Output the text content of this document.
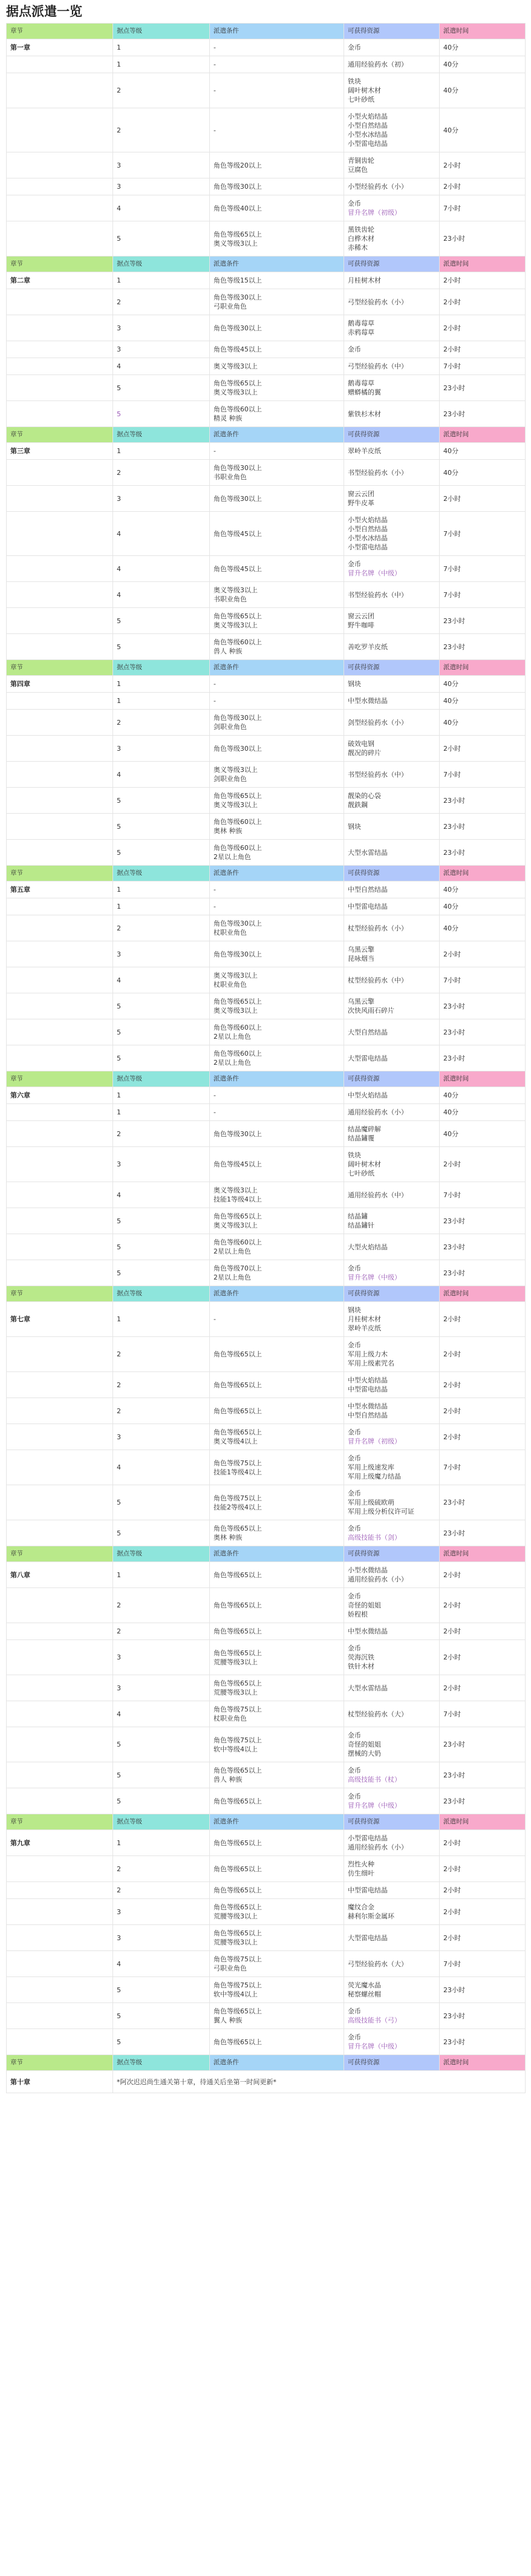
据点派遣一览
章节	据点等级	派遣条件	可获得资源	派遣时间
第一章	1	-	金币	40分
	1	-	通用经验药水（初）	40分
	2	-	铁块
阔叶树木材
七叶砂纸	40分
	2	-	小型火焰结晶
小型自然结晶
小型水冰结晶
小型雷电结晶	40分
	3	角色等级20以上	青铜齿轮
豆腐色	2小时
	3	角色等级30以上	小型经验药水（小）	2小时
	4	角色等级40以上	金币
冒升名牌（初级）	7小时
	5	角色等级65以上
奥义等级3以上	黑铁齿轮
白桦木材
赤稀木	23小时
章节	据点等级	派遣条件	可获得资源	派遣时间
第二章	1	角色等级15以上	月桂树木材	2小时
	2	角色等级30以上
弓职业角色	弓型经验药水（小）	2小时
	3	角色等级30以上	鹅毒莓草
赤鸦莓草	2小时
	3	角色等级45以上	金币	2小时
	4	奥义等级3以上	弓型经验药水（中）	7小时
	5	角色等级65以上
奥义等级3以上	鹅毒莓草
赠蟒橘的翼	23小时
	5	角色等级60以上
精灵 种族	紫铁杉木材	23小时
章节	据点等级	派遣条件	可获得资源	派遣时间
第三章	1	-	翠岭羊皮纸	40分
	2	角色等级30以上
书职业角色	书型经验药水（小）	40分
	3	角色等级30以上	窗云云团
野牛皮革	2小时
	4	角色等级45以上	小型火焰结晶
小型自然结晶
小型水冰结晶
小型雷电结晶	7小时
	4	角色等级45以上	金币
冒升名牌（中级）	7小时
	4	奥义等级3以上
书职业角色	书型经验药水（中）	7小时
	5	角色等级65以上
奥义等级3以上	窗云云团
野牛咖啡	23小时
	5	角色等级60以上
兽人 种族	善吃罗羊皮纸	23小时
章节	据点等级	派遣条件	可获得资源	派遣时间
第四章	1	-	钢块	40分
	1	-	中型水微结晶	40分
	2	角色等级30以上
剑职业角色	剑型经验药水（小）	40分
	3	角色等级30以上	破效电钢
靓况的碎片	2小时
	4	奥义等级3以上
剑职业角色	书型经验药水（中）	7小时
	5	角色等级65以上
奥义等级3以上	靓染的心袋
靓鉄鋼	23小时
	5	角色等级60以上
奥林 种族	钢块	23小时
	5	角色等级60以上
2星以上角色	大型水雷结晶	23小时
章节	据点等级	派遣条件	可获得资源	派遣时间
第五章	1	-	中型自然结晶	40分
	1	-	中型雷电结晶	40分
	2	角色等级30以上
杖职业角色	杖型经验药水（小）	40分
	3	角色等级30以上	乌黑云擎
昆咏烟当	2小时
	4	奥义等级3以上
杖职业角色	杖型经验药水（中）	7小时
	5	角色等级65以上
奥义等级3以上	乌黑云擎
次快风雨石碎片	23小时
	5	角色等级60以上
2星以上角色	大型自然结晶	23小时
	5	角色等级60以上
2星以上角色	大型雷电结晶	23小时
章节	据点等级	派遣条件	可获得资源	派遣时间
第六章	1	-	中型火焰结晶	40分
	1	-	通用经验药水（小）	40分
	2	角色等级30以上	结晶魔碎解
结晶鏽覆	40分
	3	角色等级45以上	铁块
阔叶树木材
七叶砂纸	2小时
	4	奥义等级3以上
技能1等级4以上	通用经验药水（中）	7小时
	5	角色等级65以上
奥义等级3以上	结晶鏽
结晶鏽针	23小时
	5	角色等级60以上
2星以上角色	大型火焰结晶	23小时
	5	角色等级70以上
2星以上角色	金币
冒升名牌（中级）	23小时
章节	据点等级	派遣条件	可获得资源	派遣时间
第七章	1	-	钢块
月桂树木材
翠岭羊皮纸	2小时
	2	角色等级65以上	金币
军用上级力木
军用上级素咒名	2小时
	2	角色等级65以上	中型火焰结晶
中型雷电结晶	2小时
	2	角色等级65以上	中型水微结晶
中型自然结晶	2小时
	3	角色等级65以上
奥义等级4以上	金币
冒升名牌（初级）	2小时
	4	角色等级75以上
技能1等级4以上	金币
军用上级速发库
军用上级魔力结晶	7小时
	5	角色等级75以上
技能2等级4以上	金币
军用上级硫欧萌
军用上级分析仪许可证	23小时
	5	角色等级65以上
奥林 种族	金币
高级技能书（剑）	23小时
章节	据点等级	派遣条件	可获得资源	派遣时间
第八章	1	角色等级65以上	小型水微结晶
通用经验药水（小）	2小时
	2	角色等级65以上	金币
奇怪的姐姐
娇程根	2小时
	2	角色等级65以上	中型水微结晶	2小时
	3	角色等级65以上
荒腰等级3以上	金币
荧海沉铁
铁针木材	2小时
	3	角色等级65以上
荒腰等级3以上	大型水雷结晶	2小时
	4	角色等级75以上
杖职业角色	杖型经验药水（大）	7小时
	5	角色等级75以上
软中等级4以上	金币
奇怪的姐姐
摆械的大奶	23小时
	5	角色等级65以上
兽人 种族	金币
高级技能书（杖）	23小时
	5	角色等级65以上	金币
冒升名牌（中级）	23小时
章节	据点等级	派遣条件	可获得资源	派遣时间
第九章	1	角色等级65以上	小型雷电结晶
通用经验药水（小）	2小时
	2	角色等级65以上	烈性火种
仿生细叶	2小时
	2	角色等级65以上	中型雷电结晶	2小时
	3	角色等级65以上
荒腰等级3以上	魔纹合金
赫利尔斯金属环	2小时
	3	角色等级65以上
荒腰等级3以上	大型雷电结晶	2小时
	4	角色等级75以上
弓职业角色	弓型经验药水（大）	7小时
	5	角色等级75以上
软中等级4以上	荧光魔水晶
秘察螺丝帽	23小时
	5	角色等级65以上
翼人 种族	金币
高级技能书（弓）	23小时
	5	角色等级65以上	金币
冒升名牌（中级）	23小时
章节	据点等级	派遣条件	可获得资源	派遣时间
第十章	*阿次迟迟尚生通关第十章，待通关后坐第一时间更新*			
